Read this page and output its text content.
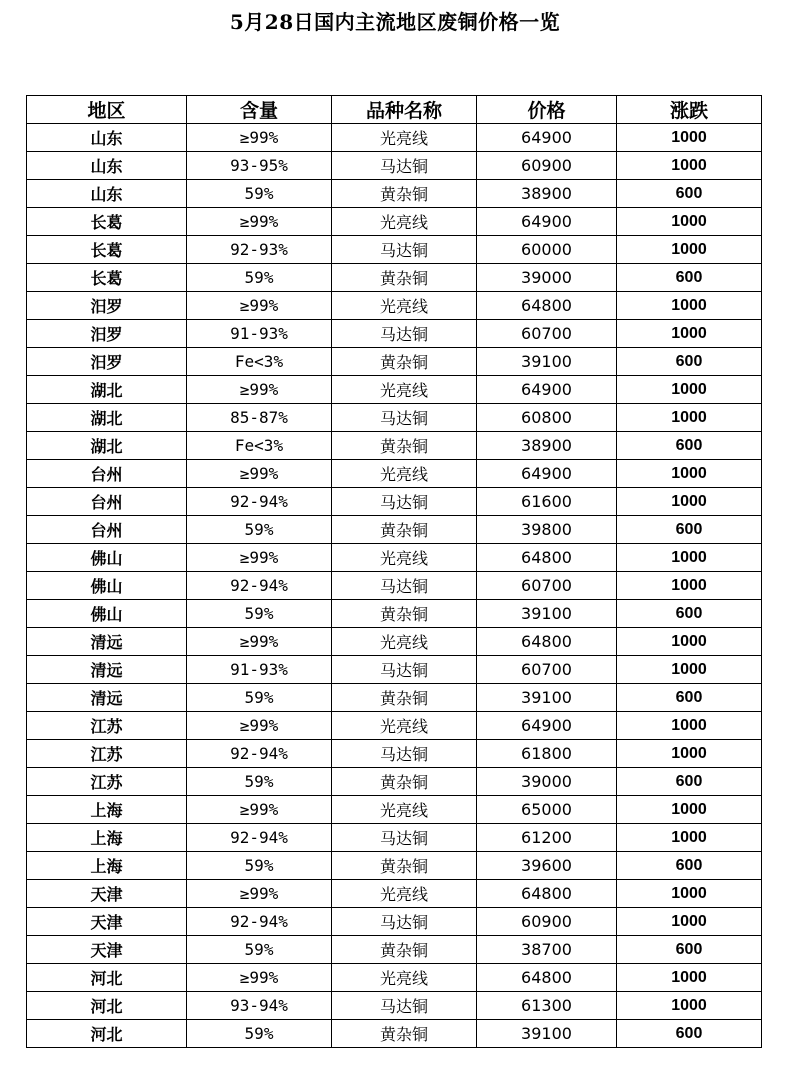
5月28日国内主流地区废铜价格一览
地区	含量	品种名称	价格	涨跌
山东	≥99%	光亮线	64900	1000
山东	93-95%	马达铜	60900	1000
山东	59%	黄杂铜	38900	600
长葛	≥99%	光亮线	64900	1000
长葛	92-93%	马达铜	60000	1000
长葛	59%	黄杂铜	39000	600
汨罗	≥99%	光亮线	64800	1000
汨罗	91-93%	马达铜	60700	1000
汨罗	Fe<3%	黄杂铜	39100	600
湖北	≥99%	光亮线	64900	1000
湖北	85-87%	马达铜	60800	1000
湖北	Fe<3%	黄杂铜	38900	600
台州	≥99%	光亮线	64900	1000
台州	92-94%	马达铜	61600	1000
台州	59%	黄杂铜	39800	600
佛山	≥99%	光亮线	64800	1000
佛山	92-94%	马达铜	60700	1000
佛山	59%	黄杂铜	39100	600
清远	≥99%	光亮线	64800	1000
清远	91-93%	马达铜	60700	1000
清远	59%	黄杂铜	39100	600
江苏	≥99%	光亮线	64900	1000
江苏	92-94%	马达铜	61800	1000
江苏	59%	黄杂铜	39000	600
上海	≥99%	光亮线	65000	1000
上海	92-94%	马达铜	61200	1000
上海	59%	黄杂铜	39600	600
天津	≥99%	光亮线	64800	1000
天津	92-94%	马达铜	60900	1000
天津	59%	黄杂铜	38700	600
河北	≥99%	光亮线	64800	1000
河北	93-94%	马达铜	61300	1000
河北	59%	黄杂铜	39100	600
